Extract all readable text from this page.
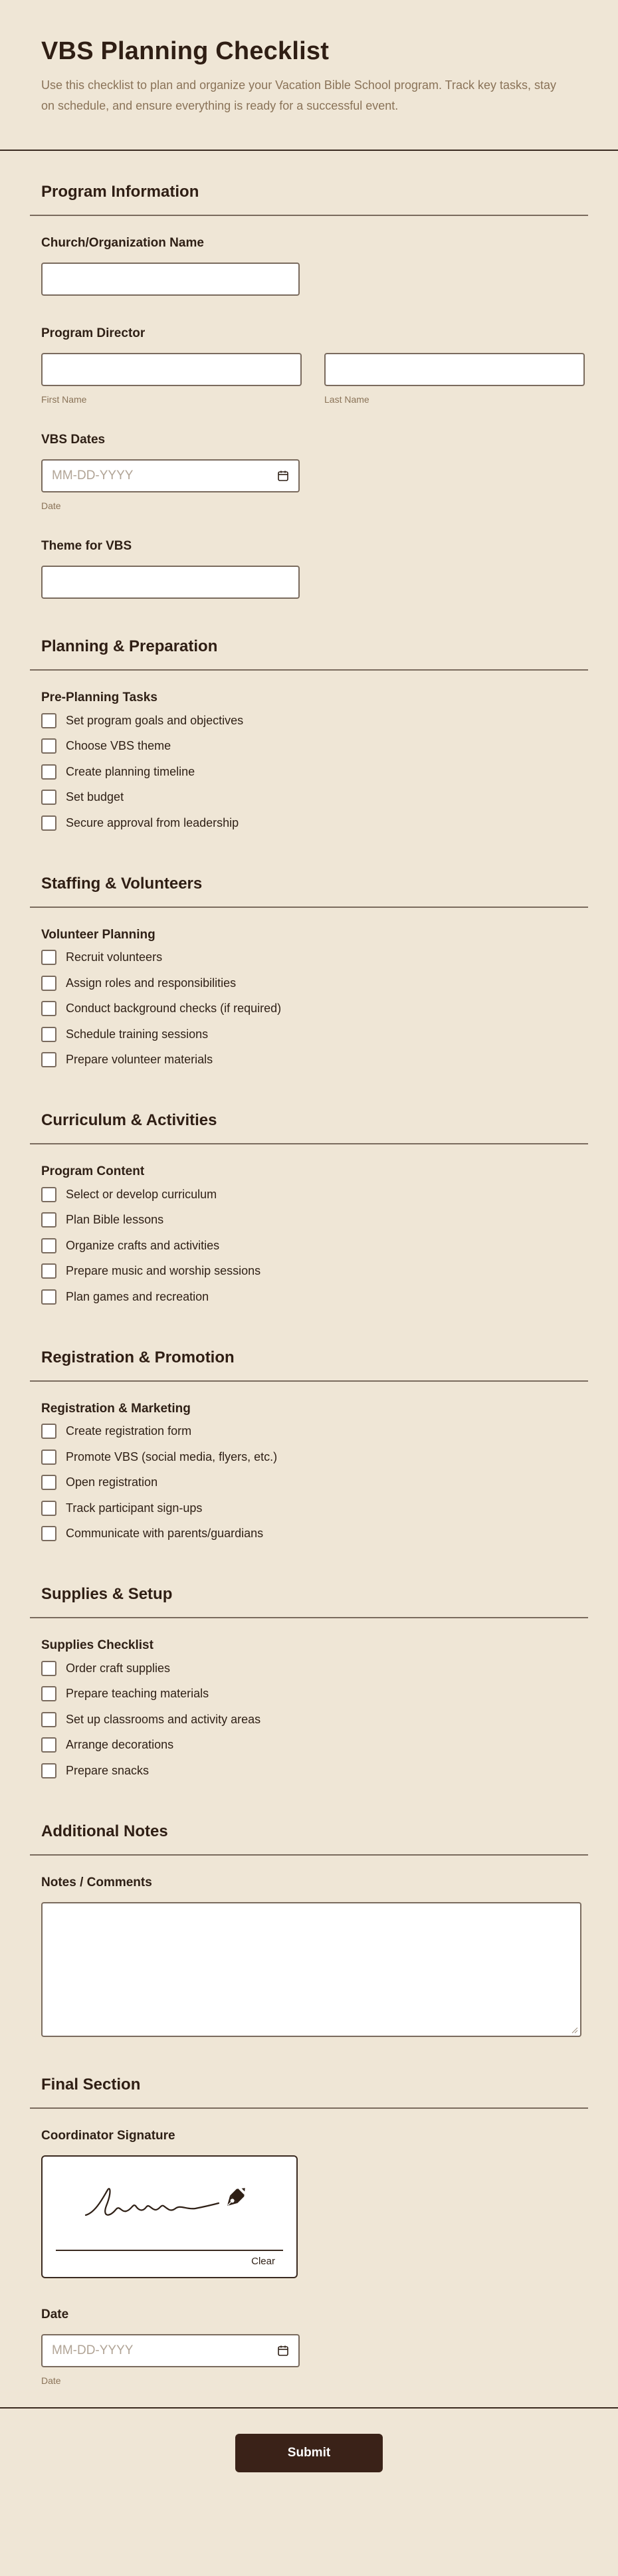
VBS Planning Checklist

Use this checklist to plan and organize your Vacation Bible School program. Track key tasks, stay on schedule, and ensure everything is ready for a successful event.

Program Information
Church/Organization Name
Program Director
First Name	Last Name
VBS Dates
MM-DD-YYYY
Date
Theme for VBS
Planning & Preparation
Pre-Planning Tasks
Set program goals and objectives
Choose VBS theme
Create planning timeline
Set budget
Secure approval from leadership
Staffing & Volunteers
Volunteer Planning
Recruit volunteers
Assign roles and responsibilities
Conduct background checks (if required)
Schedule training sessions
Prepare volunteer materials
Curriculum & Activities
Program Content
Select or develop curriculum
Plan Bible lessons
Organize crafts and activities
Prepare music and worship sessions
Plan games and recreation
Registration & Promotion
Registration & Marketing
Create registration form
Promote VBS (social media, flyers, etc.)
Open registration
Track participant sign-ups
Communicate with parents/guardians
Supplies & Setup
Supplies Checklist
Order craft supplies
Prepare teaching materials
Set up classrooms and activity areas
Arrange decorations
Prepare snacks
Additional Notes
Notes / Comments
Final Section
Coordinator Signature
Clear
Date
MM-DD-YYYY
Date
Submit
